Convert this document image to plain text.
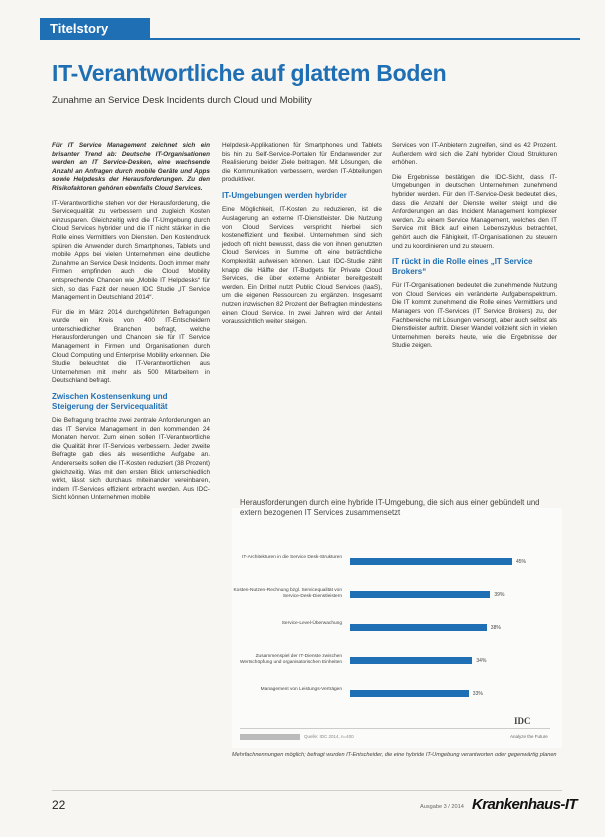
Titelstory
IT-Verantwortliche auf glattem Boden
Zunahme an Service Desk Incidents durch Cloud und Mobility

Für IT Service Management zeichnet sich ein brisanter Trend ab: Deutsche IT-Organisationen werden an IT Service-Desken, eine wachsende Anzahl an Anfragen durch mobile Geräte und Apps sowie Helpdesks der Herausforderungen. Zu den Risikofaktoren gehören ebenfalls Cloud Services.

IT-Verantwortliche stehen vor der Herausforderung, die Servicequalität zu verbessern und zugleich Kosten einzusparen. Gleichzeitig wird die IT-Umgebung durch Cloud Services hybrider und die IT nicht stärker in die Rolle eines Vermittlers von Diensten. Den Kostendruck spüren die Anwender durch Smartphones, Tablets und mobile Apps bei vielen Unternehmen eine deutliche Zunahme an Service Desk Incidents. Doch immer mehr Firmen empfinden auch die Cloud Mobility entsprechende Chancen wie „Mobile IT Helpdesks“ für sich, so das Fazit der neuen IDC Studie „IT Service Management in Deutschland 2014“.

Für die im März 2014 durchgeführten Befragungen wurde ein Kreis von 400 IT-Entscheidern unterschiedlicher Branchen befragt, welche Herausforderungen und Chancen sie für IT Service Management in Firmen und Organisationen durch Cloud Computing und Enterprise Mobility erkennen. Die Studie beleuchtet die IT-Verantwortlichen aus Unternehmen mit mehr als 500 Mitarbeitern in Deutschland befragt.

Zwischen Kostensenkung und Steigerung der Servicequalität

Die Befragung brachte zwei zentrale Anforderungen an das IT Service Management in den kommenden 24 Monaten hervor. Zum einen sollen IT-Verantwortliche die Qualität ihrer IT-Services verbessern. Jeder zweite Befragte gab dies als wesentliche Aufgabe an. Andererseits sollen die IT-Kosten reduziert (38 Prozent) gleichzeitig. Was mit den ersten Blick unterschiedlich wirkt, lässt sich durchaus miteinander vereinbaren, indem IT-Services effizient erbracht werden. Aus IDC-Sicht können Unternehmen mobile

Helpdesk-Applikationen für Smartphones und Tablets bis hin zu Self-Service-Portalen für Endanwender zur Realisierung beider Ziele beitragen. Mit Lösungen, die die Kommunikation verbessern, werden IT-Abteilungen produktiver.

IT-Umgebungen werden hybrider

Eine Möglichkeit, IT-Kosten zu reduzieren, ist die Auslagerung an externe IT-Dienstleister. Die Nutzung von Cloud Services verspricht hierbei sich kosteneffizient und flexibel. Unternehmen sind sich jedoch oft nicht bewusst, dass die von ihnen genutzten Cloud Services in Summe oft eine beträchtliche Komplexität aufweisen können. Laut IDC-Studie zählt knapp die Hälfte der IT-Budgets für Private Cloud Services, die über externe Anbieter bereitgestellt werden. Ein Drittel nutzt Public Cloud Services (IaaS), um die eigenen Ressourcen zu ergänzen. Insgesamt nutzen inzwischen 82 Prozent der Befragten mindestens einen Cloud Service. In zwei Jahren wird der Anteil voraussichtlich weiter steigen.

Services von IT-Anbietern zugreifen, sind es 42 Prozent. Außerdem wird sich die Zahl hybrider Cloud Strukturen erhöhen.

Die Ergebnisse bestätigen die IDC-Sicht, dass IT-Umgebungen in deutschen Unternehmen zunehmend hybrider werden. Für den IT-Service-Desk bedeutet dies, dass die Anzahl der Dienste weiter steigt und die Anforderungen an das Incident Management komplexer werden. Zu einem Service Management, welches den IT Service mit Blick auf einen Lebenszyklus betrachtet, gehört auch die Fähigkeit, IT-Organisationen zu steuern und zu koordinieren und zu steuern.

IT rückt in die Rolle eines „IT Service Brokers“

Für IT-Organisationen bedeutet die zunehmende Nutzung von Cloud Services ein veränderte Aufgabenspektrum. Die IT kommt zunehmend die Rolle eines Vermittlers und Managers von IT-Services (IT Service Brokers) zu, der Fachbereiche mit Lösungen versorgt, aber auch selbst als Dienstleister auftritt. Dieser Wandel vollzieht sich in vielen Unternehmen bereits heute, wie die Ergebnisse der Studie zeigen.

Herausforderungen durch eine hybride IT-Umgebung, die sich aus einer gebündelt und extern bezogenen IT Services zusammensetzt
IT-Architekturen in die Service Desk-Strukturen
45%
Kosten-Nutzen-Rechnung bzgl. Servicequalität von Service-Desk-Dienstleistern	39%
Service-Level-Überwachung
38%
Zusammenspiel der IT-Dienste zwischen Wertschöpfung und organisatorischen Einheiten	34%
Management von Leistungs-Verträgen
33%
Quelle: IDC 2014, n=400
IDC
Analyze the Future
Mehrfachnennungen möglich; befragt wurden IT-Entscheider, die eine hybride IT-Umgebung verantworten oder gegenwärtig planen
22	Ausgabe 3 / 2014 Krankenhaus-IT
